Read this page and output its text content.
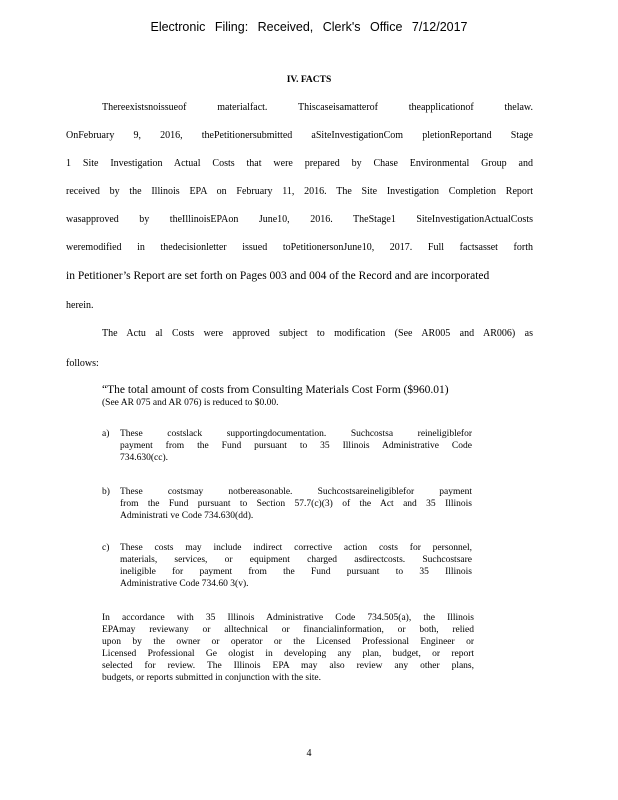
Electronic Filing: Received, Clerk's Office 7/12/2017
IV. FACTS
Thereexistsnoissueof materialfact. Thiscaseisamatterof theapplicationof thelaw.
OnFebruary 9, 2016, thePetitionersubmitted aSiteInvestigationCom pletionReportand Stage
1 Site Investigation Actual Costs that were prepared by Chase Environmental Group and
received by the Illinois EPA on February 11, 2016. The Site Investigation Completion Report
wasapproved by theIllinoisEPAon June10, 2016. TheStage1 SiteInvestigationActualCosts
weremodified in thedecisionletter issued toPetitionersonJune10, 2017. Full factsasset forth
in Petitioner’s Report are set forth on Pages 003 and 004 of the Record and are incorporated
herein.
The Actu al Costs were approved subject to modification (See AR005 and AR006) as
follows:
“The total amount of costs from Consulting Materials Cost Form ($960.01)
(See AR 075 and AR 076) is reduced to $0.00.
a) These costslack supportingdocumentation. Suchcostsa reineligiblefor
payment from the Fund pursuant to 35 Illinois Administrative Code
734.630(cc).
b) These costsmay notbereasonable. Suchcostsareineligiblefor payment
from the Fund pursuant to Section 57.7(c)(3) of the Act and 35 Illinois
Administrati ve Code 734.630(dd).
c) These costs may include indirect corrective action costs for personnel,
materials, services, or equipment charged asdirectcosts. Suchcostsare
ineligible for payment from the Fund pursuant to 35 Illinois
Administrative Code 734.60 3(v).
In accordance with 35 Illinois Administrative Code 734.505(a), the Illinois
EPAmay reviewany or alltechnical or financialinformation, or both, relied
upon by the owner or operator or the Licensed Professional Engineer or
Licensed Professional Ge ologist in developing any plan, budget, or report
selected for review. The Illinois EPA may also review any other plans,
budgets, or reports submitted in conjunction with the site.
4
